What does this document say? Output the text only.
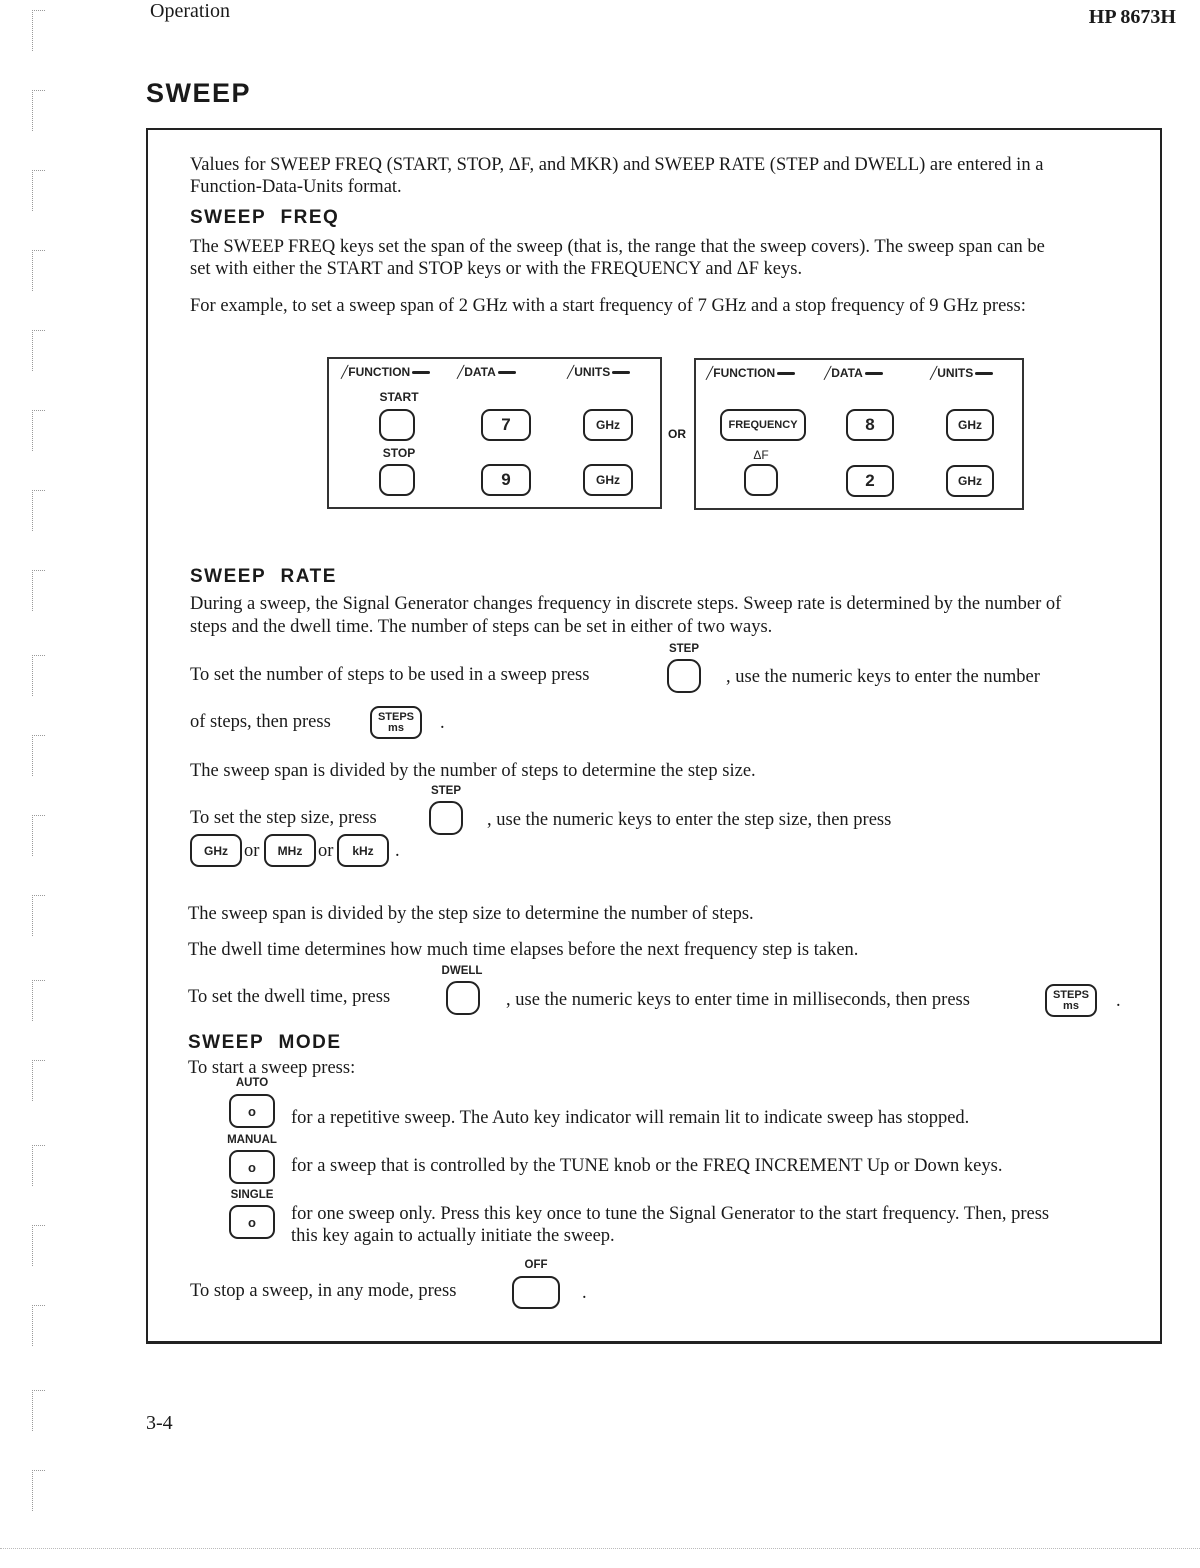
Operation	HP 8673H
SWEEP
Values for SWEEP FREQ (START, STOP, ΔF, and MKR) and SWEEP RATE (STEP and DWELL) are entered in a
Function-Data-Units format.
SWEEP FREQ
The SWEEP FREQ keys set the span of the sweep (that is, the range that the sweep covers). The sweep span can be
set with either the START and STOP keys or with the FREQUENCY and ΔF keys.
For example, to set a sweep span of 2 GHz with a start frequency of 7 GHz and a stop frequency of 9 GHz press:
╱ FUNCTION	╱ DATA	╱ UNITS
START
7	GHz
STOP
9	GHz
OR
╱ FUNCTION	╱ DATA	╱ UNITS
FREQUENCY	8	GHz
ΔF
2	GHz
SWEEP RATE
During a sweep, the Signal Generator changes frequency in discrete steps. Sweep rate is determined by the number of
steps and the dwell time. The number of steps can be set in either of two ways.
STEP
To set the number of steps to be used in a sweep press	, use the numeric keys to enter the number
of steps, then press	STEPS
ms .
The sweep span is divided by the number of steps to determine the step size.
STEP
To set the step size, press	, use the numeric keys to enter the step size, then press
GHz or	MHz or	kHz	.
The sweep span is divided by the step size to determine the number of steps.
The dwell time determines how much time elapses before the next frequency step is taken.
DWELL
To set the dwell time, press	, use the numeric keys to enter time in milliseconds, then press	STEPS
ms .
SWEEP MODE
To start a sweep press:
AUTO
o	for a repetitive sweep. The Auto key indicator will remain lit to indicate sweep has stopped.
MANUAL
o	for a sweep that is controlled by the TUNE knob or the FREQ INCREMENT Up or Down keys.
SINGLE
o	for one sweep only. Press this key once to tune the Signal Generator to the start frequency. Then, press
this key again to actually initiate the sweep.
OFF
To stop a sweep, in any mode, press	.
3-4
